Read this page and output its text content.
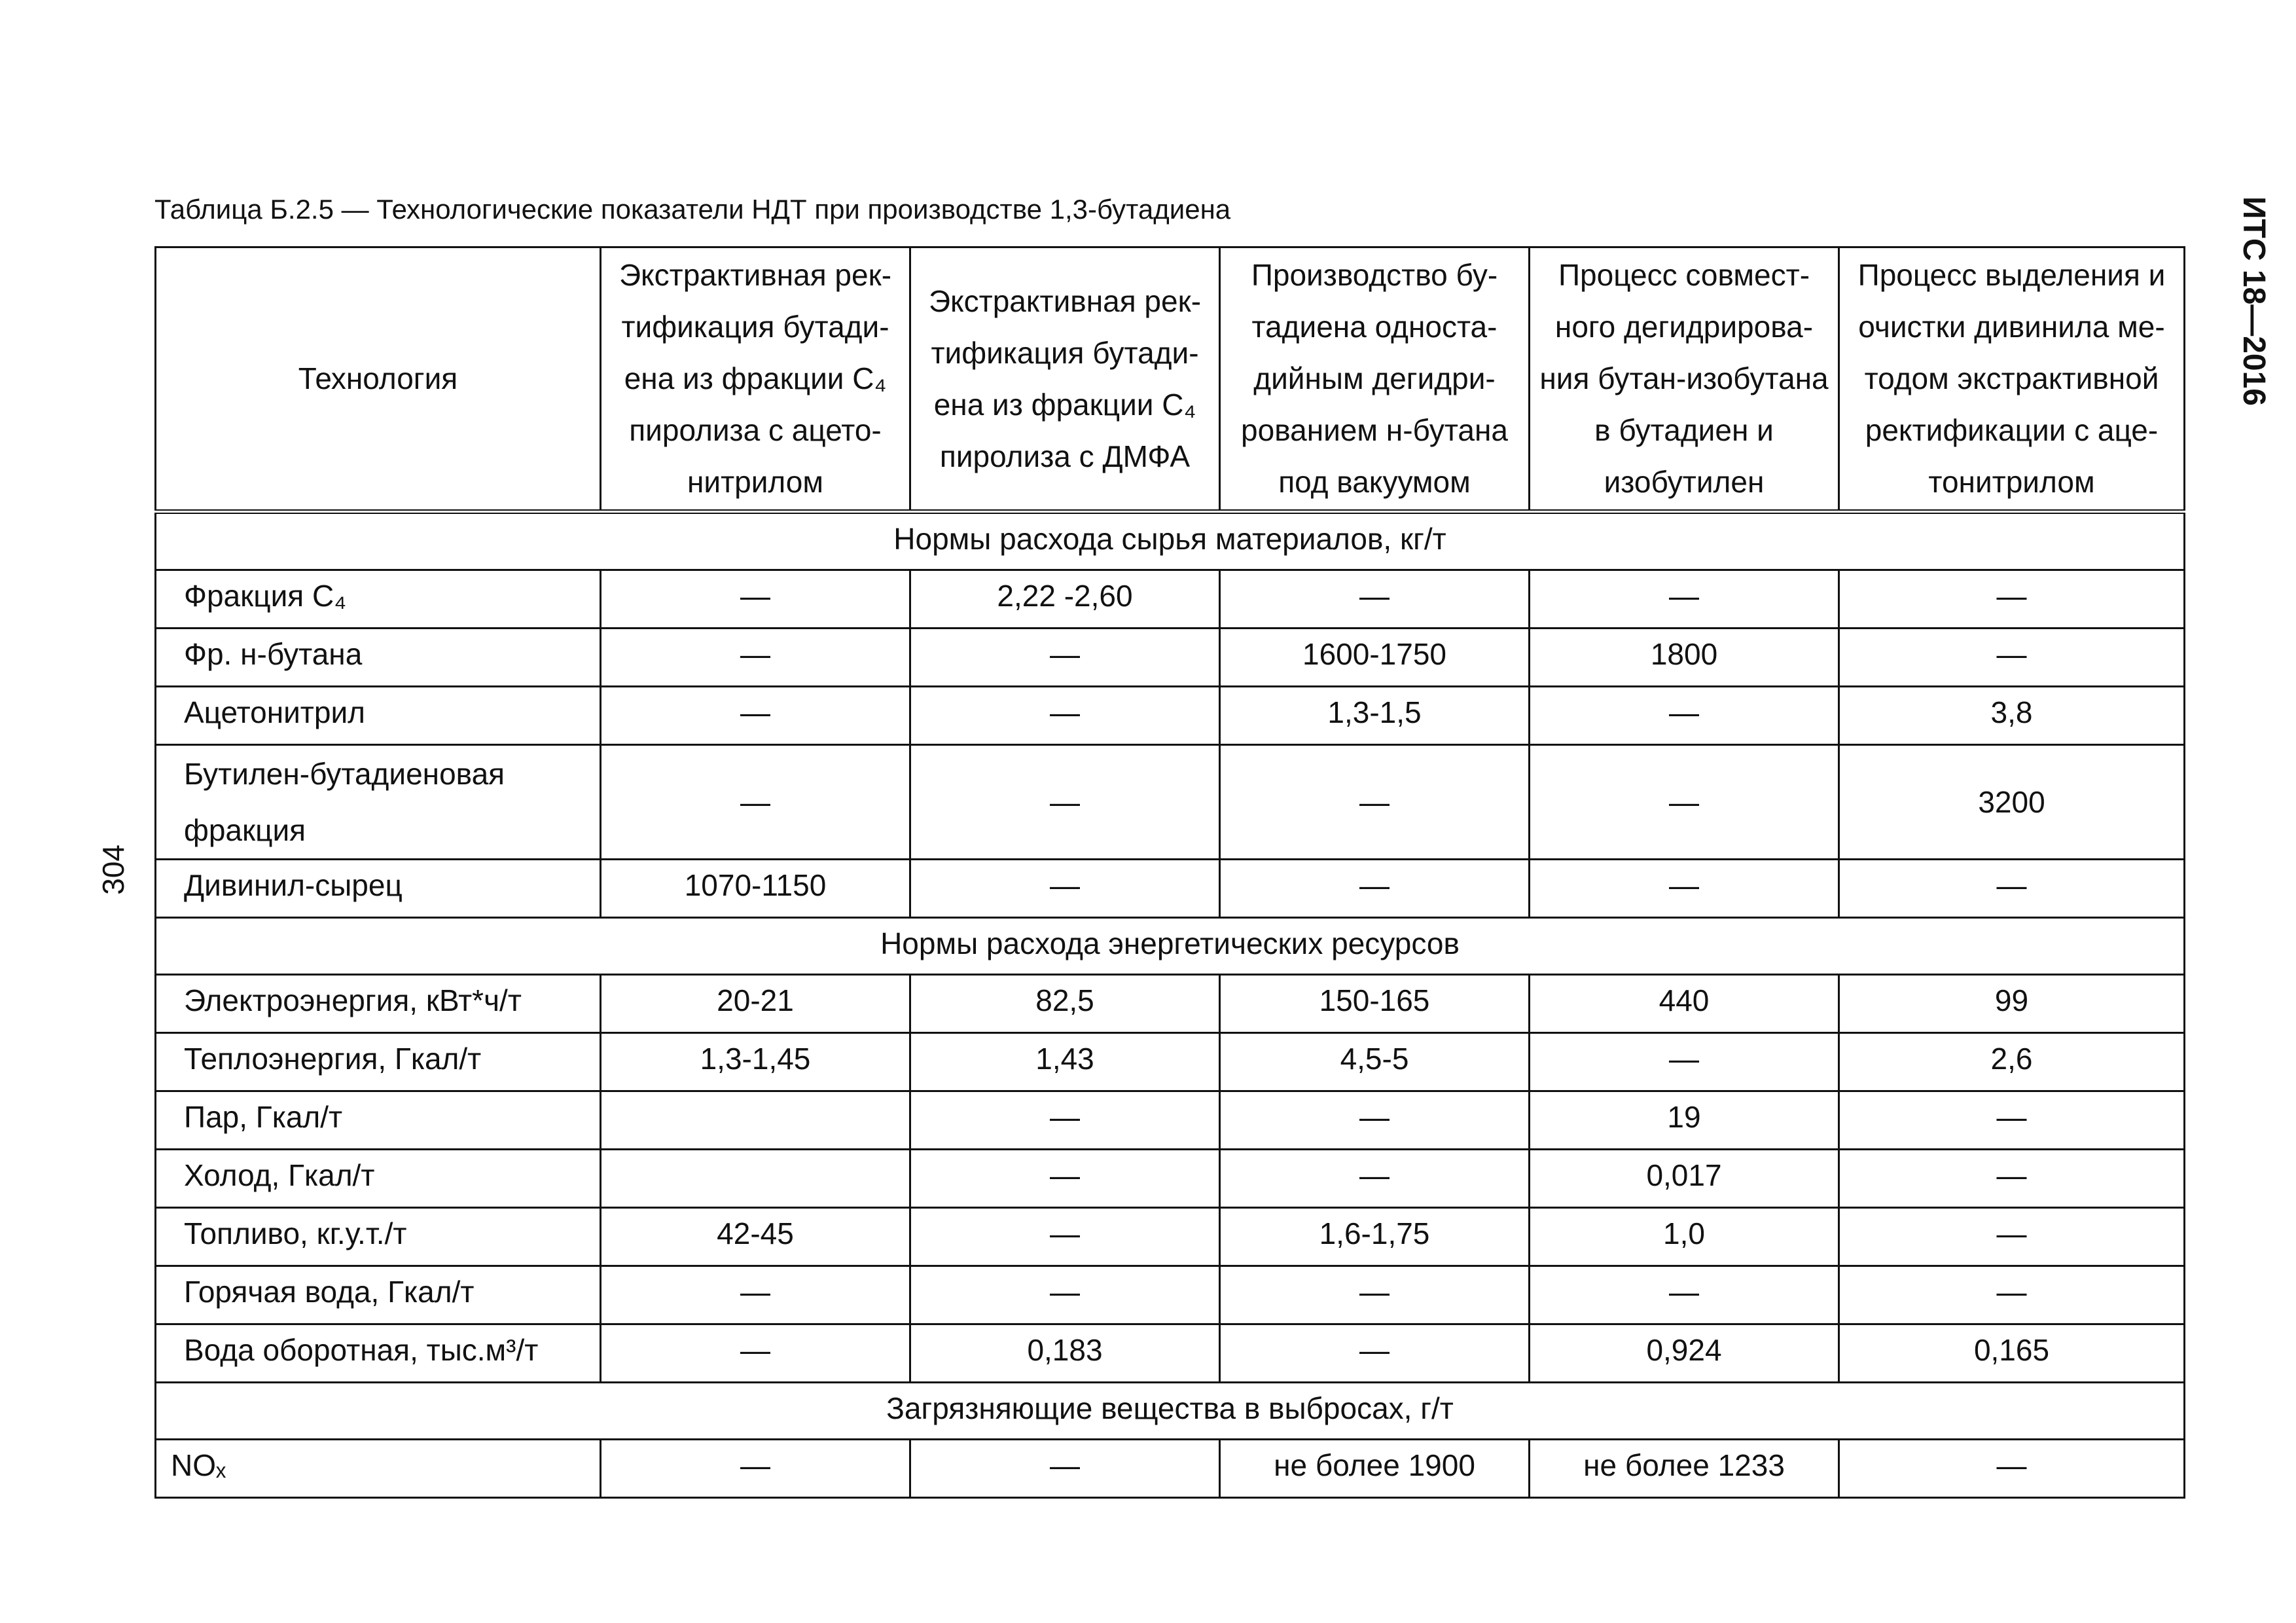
Таблица Б.2.5 — Технологические показатели НДТ при производстве 1,3-бутадиена	ИТС 18—2016
304
Технология	Экстрактивная ректификация бутадиена из фракции С₄ пиролиза с ацетонитрилом	Экстрактивная ректификация бутадиена из фракции С₄ пиролиза с ДМФА	Производство бутадиена одностадийным дегидрированием н-бутана под вакуумом	Процесс совместного дегидрирования бутан-изобутана в бутадиен и изобутилен	Процесс выделения и очистки дивинила методом экстрактивной ректификации с ацетонитрилом
Нормы расхода сырья материалов, кг/т					
Фракция С₄	—	2,22 -2,60	—	—	—
Фр. н-бутана	—	—	1600-1750	1800	—
Ацетонитрил	—	—	1,3-1,5	—	3,8
Бутилен-бутадиеновая фракция	—	—	—	—	3200
Дивинил-сырец	1070-1150	—	—	—	—
Нормы расхода энергетических ресурсов					
Электроэнергия, кВт*ч/т	20-21	82,5	150-165	440	99
Теплоэнергия, Гкал/т	1,3-1,45	1,43	4,5-5	—	2,6
Пар, Гкал/т		—	—	19	—
Холод, Гкал/т		—	—	0,017	—
Топливо, кг.у.т./т	42-45	—	1,6-1,75	1,0	—
Горячая вода, Гкал/т	—	—	—	—	—
Вода оборотная, тыс.м³/т	—	0,183	—	0,924	0,165
Загрязняющие вещества в выбросах, г/т					
NOₓ	—	—	не более 1900	не более 1233	—
